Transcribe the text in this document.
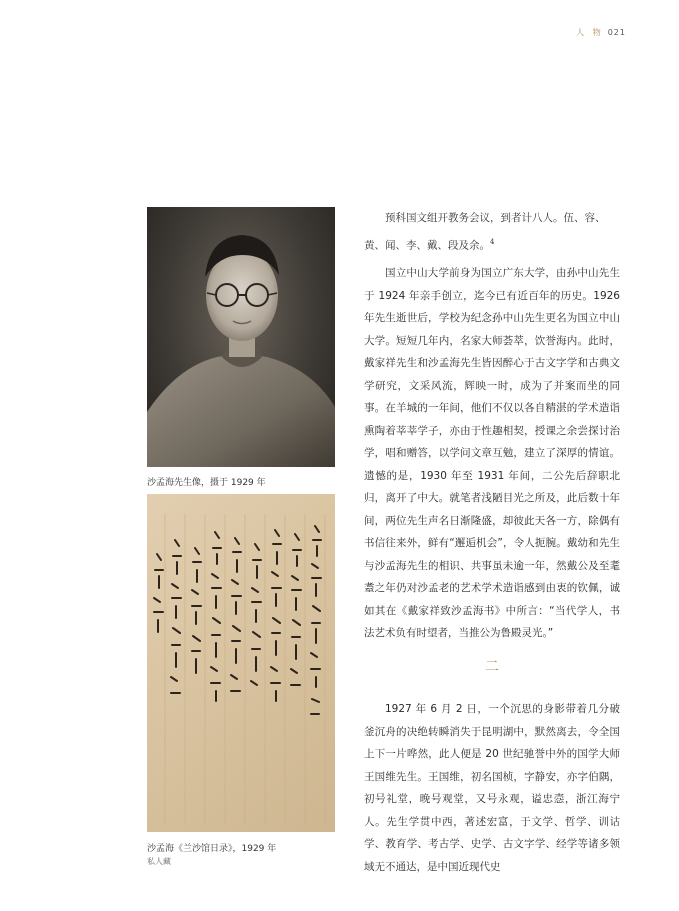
人 物 021
沙孟海先生像，摄于 1929 年
沙孟海《兰沙馆日录》，1929 年
私人藏
预科国文组开教务会议，到者计八人。伍、容、黄、闻、李、戴、段及余。$^4$

国立中山大学前身为国立广东大学，由孙中山先生于 1924 年亲手创立，迄今已有近百年的历史。1926 年先生逝世后，学校为纪念孙中山先生更名为国立中山大学。短短几年内，名家大师荟萃，饮誉海内。此时，戴家祥先生和沙孟海先生皆因醉心于古文字学和古典文学研究，文采风流，辉映一时，成为了并案而坐的同事。在羊城的一年间，他们不仅以各自精湛的学术造诣熏陶着莘莘学子，亦由于性趣相契，授课之余尝探讨治学，唱和赠答，以学问文章互勉，建立了深厚的情谊。遗憾的是，1930 年至 1931 年间，二公先后辞职北归，离开了中大。就笔者浅陋目光之所及，此后数十年间，两位先生声名日渐隆盛，却彼此天各一方，除偶有书信往来外，鲜有“邂逅机会”，令人扼腕。戴幼和先生与沙孟海先生的相识、共事虽未逾一年，然戴公及至耄耋之年仍对沙孟老的艺术学术造诣感到由衷的钦佩，诚如其在《戴家祥致沙孟海书》中所言：“当代学人，书法艺术负有时望者，当推公为鲁殿灵光。”

二

1927 年 6 月 2 日，一个沉思的身影带着几分破釜沉舟的决绝转瞬消失于昆明湖中，默然离去，令全国上下一片哗然，此人便是 20 世纪驰誉中外的国学大师王国维先生。王国维，初名国桢，字静安，亦字伯隅，初号礼堂，晚号观堂，又号永观，谥忠悫，浙江海宁人。先生学贯中西，著述宏富，于文学、哲学、训诂学、教育学、考古学、史学、古文字学、经学等诸多领域无不通达，是中国近现代史
